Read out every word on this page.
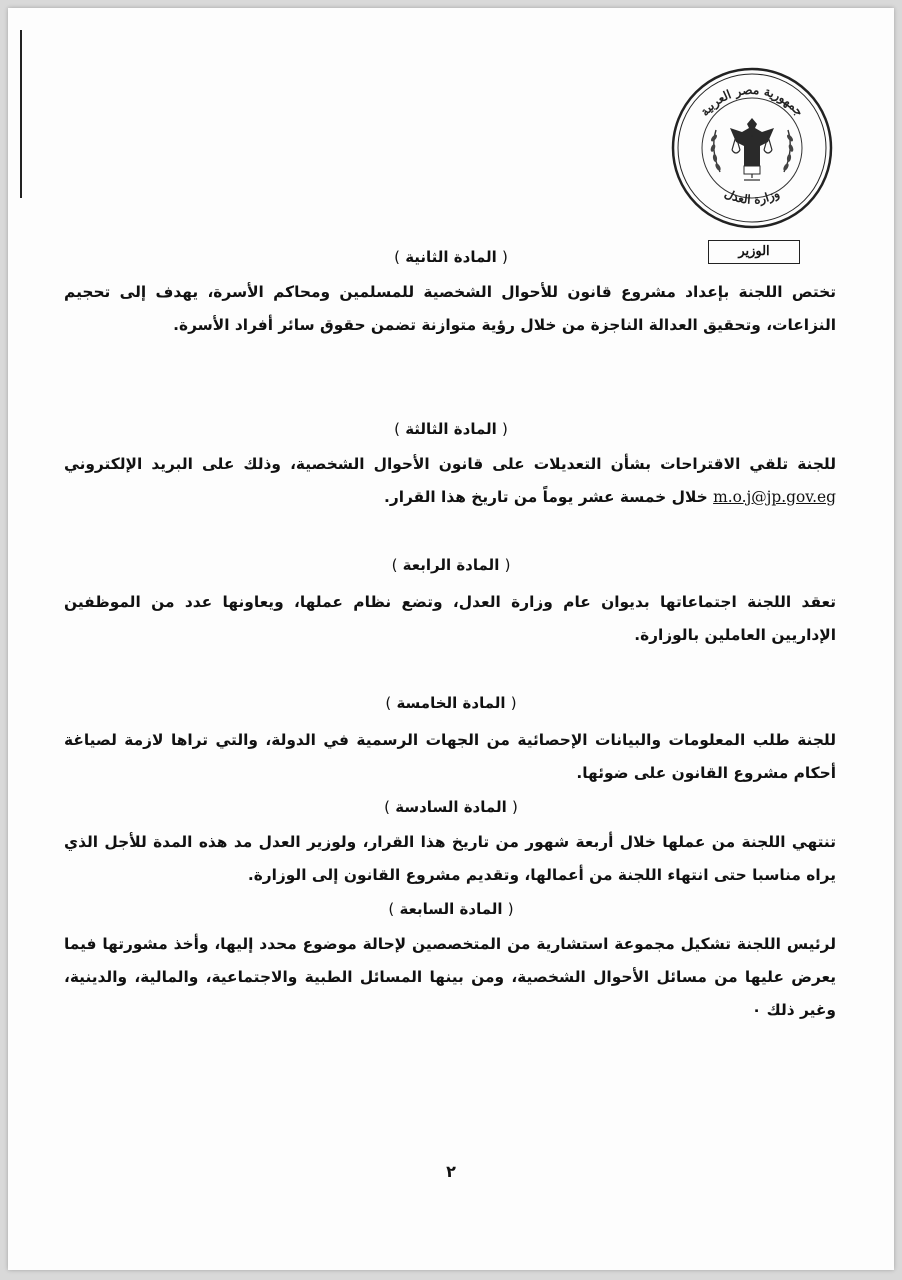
جمهورية مصر العربية
وزارة العدل
الوزير
( المادة الثانية )
تختص اللجنة بإعداد مشروع قانون للأحوال الشخصية للمسلمين ومحاكم الأسرة، يهدف إلى تحجيم النزاعات، وتحقيق العدالة الناجزة من خلال رؤية متوازنة تضمن حقوق سائر أفراد الأسرة.
( المادة الثالثة )
للجنة تلقي الاقتراحات بشأن التعديلات على قانون الأحوال الشخصية، وذلك على البريد الإلكتروني m.o.j@jp.gov.eg خلال خمسة عشر يوماً من تاريخ هذا القرار.
( المادة الرابعة )
تعقد اللجنة اجتماعاتها بديوان عام وزارة العدل، وتضع نظام عملها، ويعاونها عدد من الموظفين الإداريين العاملين بالوزارة.
( المادة الخامسة )
للجنة طلب المعلومات والبيانات الإحصائية من الجهات الرسمية في الدولة، والتي تراها لازمة لصياغة أحكام مشروع القانون على ضوئها.
( المادة السادسة )
تنتهي اللجنة من عملها خلال أربعة شهور من تاريخ هذا القرار، ولوزير العدل مد هذه المدة للأجل الذي يراه مناسبا حتى انتهاء اللجنة من أعمالها، وتقديم مشروع القانون إلى الوزارة.
( المادة السابعة )
لرئيس اللجنة تشكيل مجموعة استشارية من المتخصصين لإحالة موضوع محدد إليها، وأخذ مشورتها فيما يعرض عليها من مسائل الأحوال الشخصية، ومن بينها المسائل الطبية والاجتماعية، والمالية، والدينية، وغير ذلك ٠
٢
